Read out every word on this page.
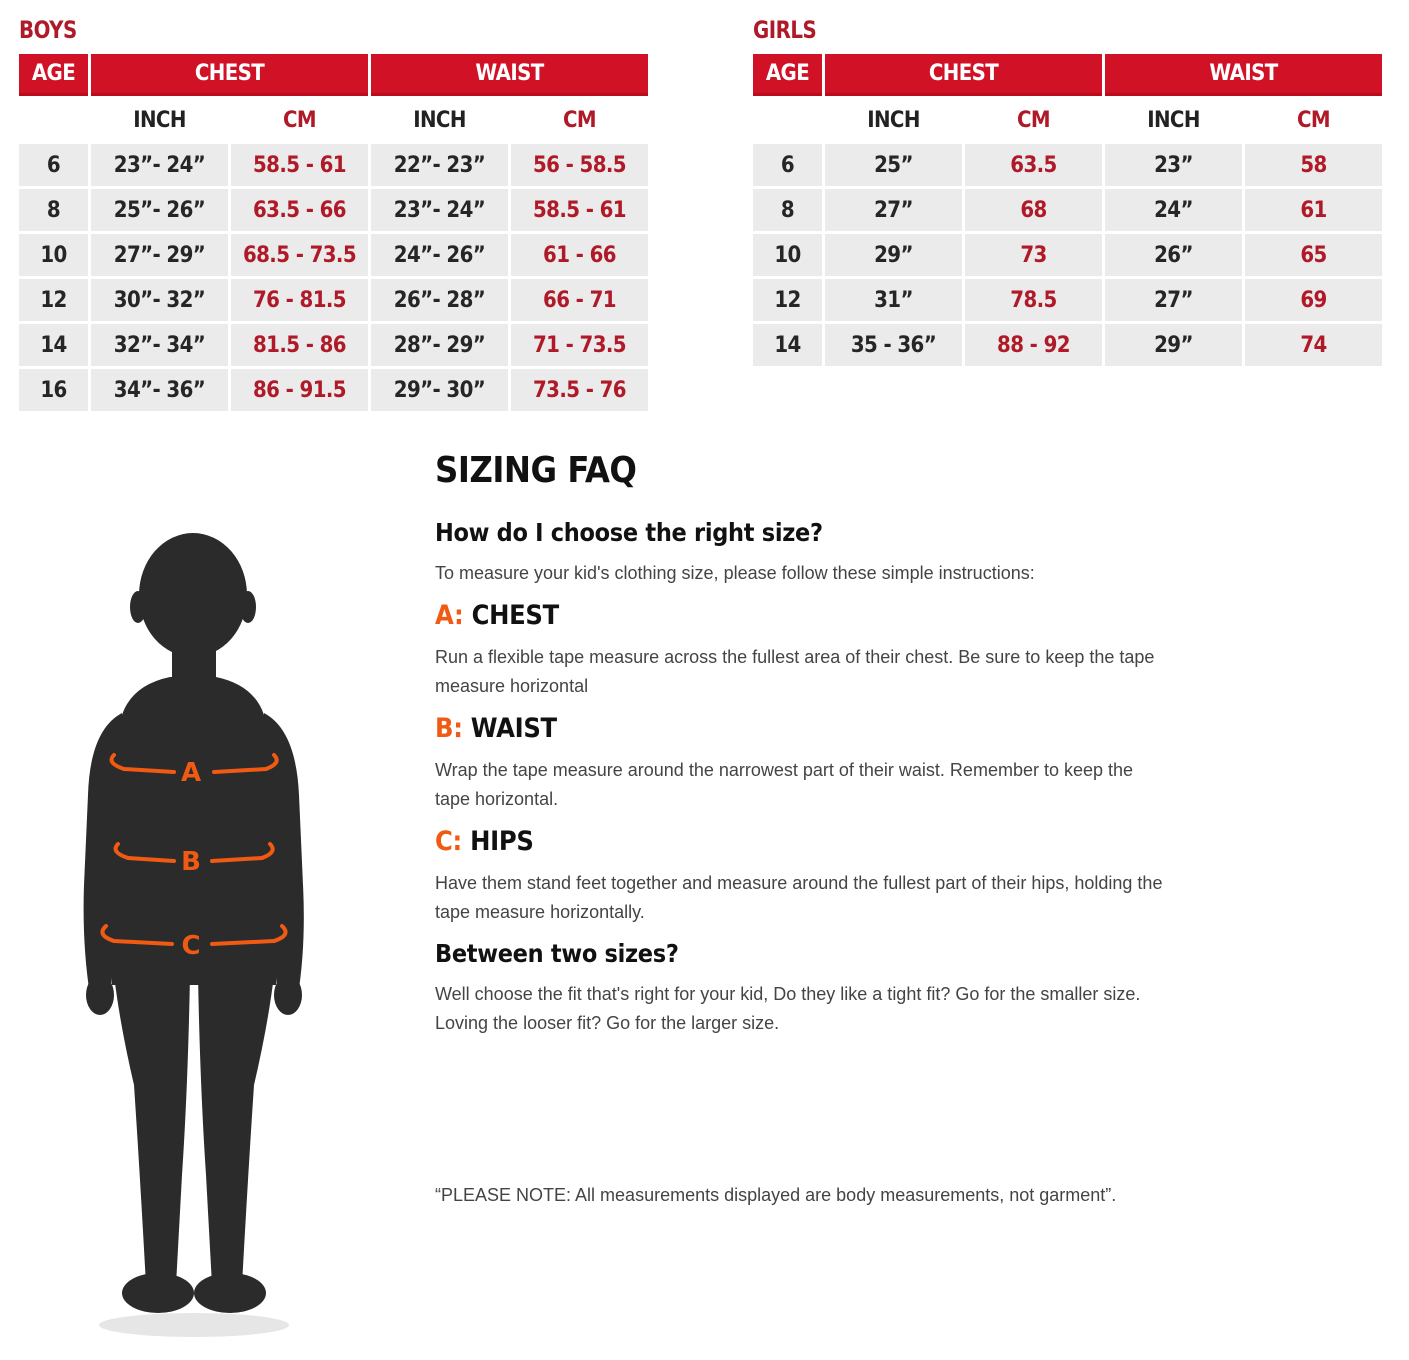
BOYS
AGE	CHEST		WAIST	
	INCH	CM	INCH	CM
6	23”- 24”	58.5 - 61	22”- 23”	56 - 58.5
8	25”- 26”	63.5 - 66	23”- 24”	58.5 - 61
10	27”- 29”	68.5 - 73.5	24”- 26”	61 - 66
12	30”- 32”	76 - 81.5	26”- 28”	66 - 71
14	32”- 34”	81.5 - 86	28”- 29”	71 - 73.5
16	34”- 36”	86 - 91.5	29”- 30”	73.5 - 76
GIRLS
AGE	CHEST		WAIST	
	INCH	CM	INCH	CM
6	25”	63.5	23”	58
8	27”	68	24”	61
10	29”	73	26”	65
12	31”	78.5	27”	69
14	35 - 36”	88 - 92	29”	74
A
B
C
SIZING FAQ
How do I choose the right size?
To measure your kid's clothing size, please follow these simple instructions:
A: CHEST
Run a flexible tape measure across the fullest area of their chest. Be sure to keep the tape measure horizontal
B: WAIST
Wrap the tape measure around the narrowest part of their waist. Remember to keep the tape horizontal.
C: HIPS
Have them stand feet together and measure around the fullest part of their hips, holding the tape measure horizontally.
Between two sizes?
Well choose the fit that's right for your kid, Do they like a tight fit? Go for the smaller size. Loving the looser fit? Go for the larger size.
“PLEASE NOTE: All measurements displayed are body measurements, not garment”.
